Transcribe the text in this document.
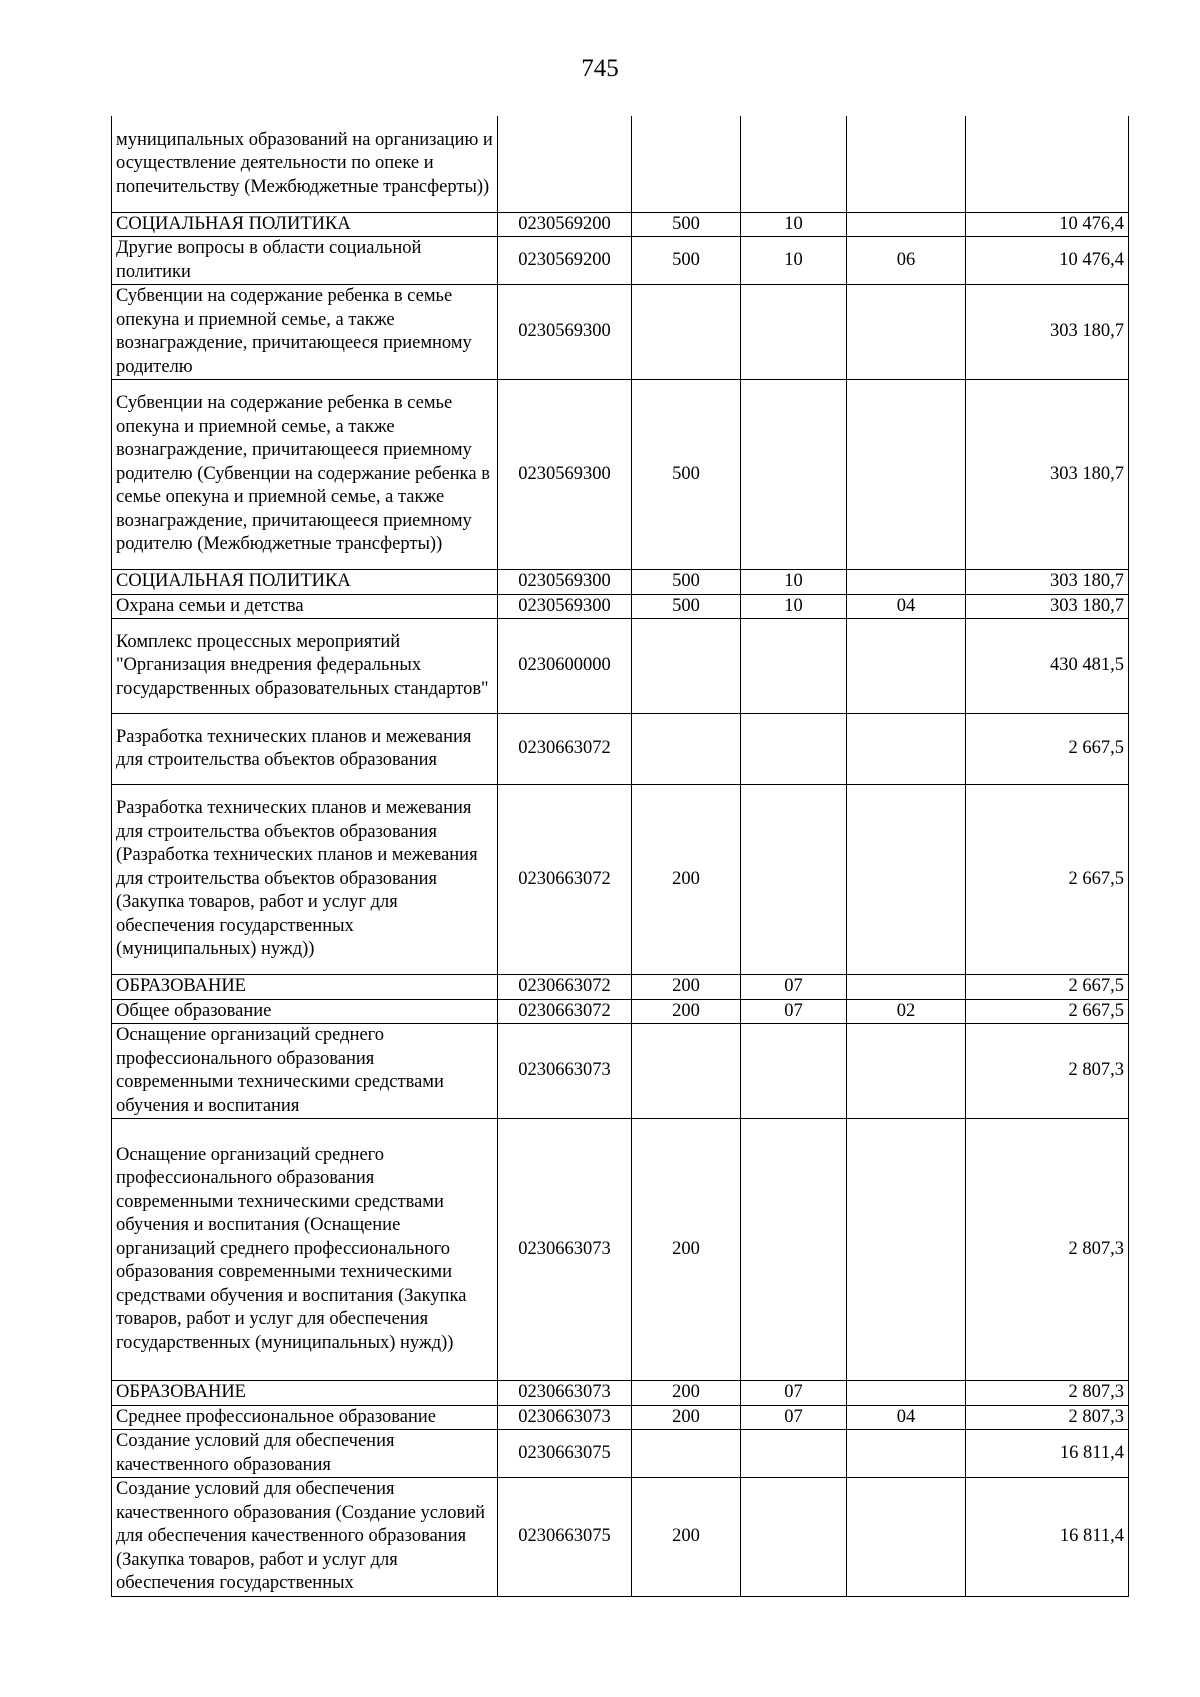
745
муниципальных образований на организацию и осуществление деятельности по опеке и попечительству (Межбюджетные трансферты))					
СОЦИАЛЬНАЯ ПОЛИТИКА	0230569200	500	10		10 476,4
Другие вопросы в области социальной политики	0230569200	500	10	06	10 476,4
Субвенции на содержание ребенка в семье опекуна и приемной семье, а также вознаграждение, причитающееся приемному родителю	0230569300				303 180,7
Субвенции на содержание ребенка в семье опекуна и приемной семье, а также вознаграждение, причитающееся приемному родителю (Субвенции на содержание ребенка в семье опекуна и приемной семье, а также вознаграждение, причитающееся приемному родителю (Межбюджетные трансферты))	0230569300	500			303 180,7
СОЦИАЛЬНАЯ ПОЛИТИКА	0230569300	500	10		303 180,7
Охрана семьи и детства	0230569300	500	10	04	303 180,7
Комплекс процессных мероприятий "Организация внедрения федеральных государственных образовательных стандартов"	0230600000				430 481,5
Разработка технических планов и межевания для строительства объектов образования	0230663072				2 667,5
Разработка технических планов и межевания для строительства объектов образования (Разработка технических планов и межевания для строительства объектов образования (Закупка товаров, работ и услуг для обеспечения государственных (муниципальных) нужд))	0230663072	200			2 667,5
ОБРАЗОВАНИЕ	0230663072	200	07		2 667,5
Общее образование	0230663072	200	07	02	2 667,5
Оснащение организаций среднего профессионального образования современными техническими средствами обучения и воспитания	0230663073				2 807,3
Оснащение организаций среднего профессионального образования современными техническими средствами обучения и воспитания (Оснащение организаций среднего профессионального образования современными техническими средствами обучения и воспитания (Закупка товаров, работ и услуг для обеспечения государственных (муниципальных) нужд))	0230663073	200			2 807,3
ОБРАЗОВАНИЕ	0230663073	200	07		2 807,3
Среднее профессиональное образование	0230663073	200	07	04	2 807,3
Создание условий для обеспечения качественного образования	0230663075				16 811,4
Создание условий для обеспечения качественного образования (Создание условий для обеспечения качественного образования (Закупка товаров, работ и услуг для обеспечения государственных	0230663075	200			16 811,4
